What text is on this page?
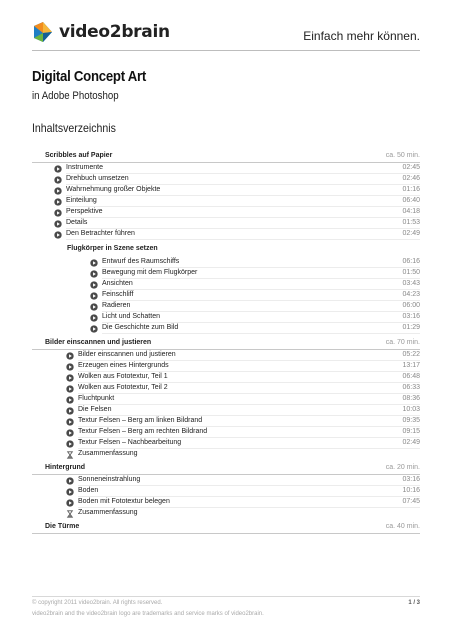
video2brain	Einfach mehr können.
Digital Concept Art
in Adobe Photoshop
Inhaltsverzeichnis
Scribbles auf Papier	ca. 50 min.
Instrumente	02:45
Drehbuch umsetzen	02:46
Wahrnehmung großer Objekte	01:16
Einteilung	06:40
Perspektive	04:18
Details	01:53
Den Betrachter führen	02:49
Flugkörper in Szene setzen
Entwurf des Raumschiffs	06:16
Bewegung mit dem Flugkörper	01:50
Ansichten	03:43
Feinschliff	04:23
Radieren	06:00
Licht und Schatten	03:16
Die Geschichte zum Bild	01:29
Bilder einscannen und justieren	ca. 70 min.
Bilder einscannen und justieren	05:22
Erzeugen eines Hintergrunds	13:17
Wolken aus Fototextur, Teil 1	06:48
Wolken aus Fototextur, Teil 2	06:33
Fluchtpunkt	08:36
Die Felsen	10:03
Textur Felsen – Berg am linken Bildrand	09:35
Textur Felsen – Berg am rechten Bildrand	09:15
Textur Felsen – Nachbearbeitung	02:49
Zusammenfassung
Hintergrund	ca. 20 min.
Sonneneinstrahlung	03:16
Boden	10:16
Boden mit Fototextur belegen	07:45
Zusammenfassung
Die Türme	ca. 40 min.
© copyright 2011 video2brain. All rights reserved.
video2brain and the video2brain logo are trademarks and service marks of video2brain.
1 / 3
